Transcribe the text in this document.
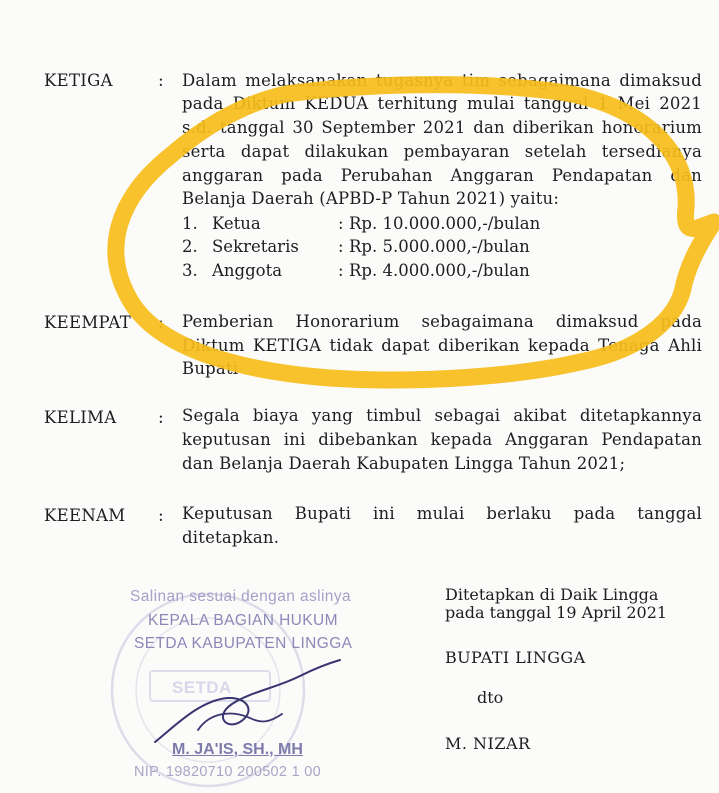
KETIGA	: Dalam melaksanakan tugasnya tim sebagaimana dimaksud
pada Diktum KEDUA terhitung mulai tanggal 1 Mei 2021
s.d. tanggal 30 September 2021 dan diberikan honorarium
serta dapat dilakukan pembayaran setelah tersedianya
anggaran pada Perubahan Anggaran Pendapatan dan
Belanja Daerah (APBD-P Tahun 2021) yaitu:
1. Ketua	: Rp. 10.000.000,-/bulan
2. Sekretaris : Rp. 5.000.000,-/bulan
3. Anggota	: Rp. 4.000.000,-/bulan
KEEMPAT : Pemberian Honorarium sebagaimana dimaksud pada
Diktum KETIGA tidak dapat diberikan kepada Tenaga Ahli
Bupati
KELIMA : Segala biaya yang timbul sebagai akibat ditetapkannya
keputusan ini dibebankan kepada Anggaran Pendapatan
dan Belanja Daerah Kabupaten Lingga Tahun 2021;
KEENAM : Keputusan Bupati ini mulai berlaku pada tanggal
ditetapkan.
Salinan sesuai dengan aslinya
KEPALA BAGIAN HUKUM
SETDA KABUPATEN LINGGA
SETDA
M. JA'IS, SH., MH
NIP. 19820710 200502 1 00
Ditetapkan di Daik Lingga
pada tanggal 19 April 2021
BUPATI LINGGA
dto
M. NIZAR
